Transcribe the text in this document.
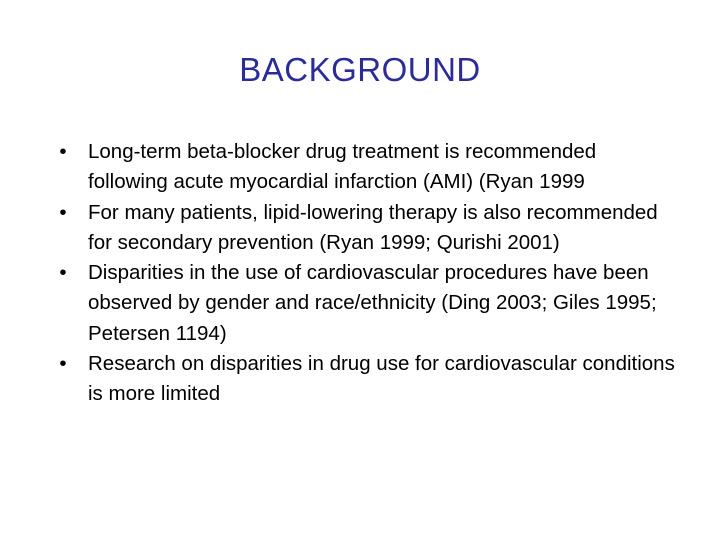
BACKGROUND
• Long-term beta-blocker drug treatment is recommended following acute myocardial infarction (AMI) (Ryan 1999
• For many patients, lipid-lowering therapy is also recommended for secondary prevention (Ryan 1999; Qurishi 2001)
• Disparities in the use of cardiovascular procedures have been observed by gender and race/ethnicity (Ding 2003; Giles 1995; Petersen 1194)
• Research on disparities in drug use for cardiovascular conditions is more limited
